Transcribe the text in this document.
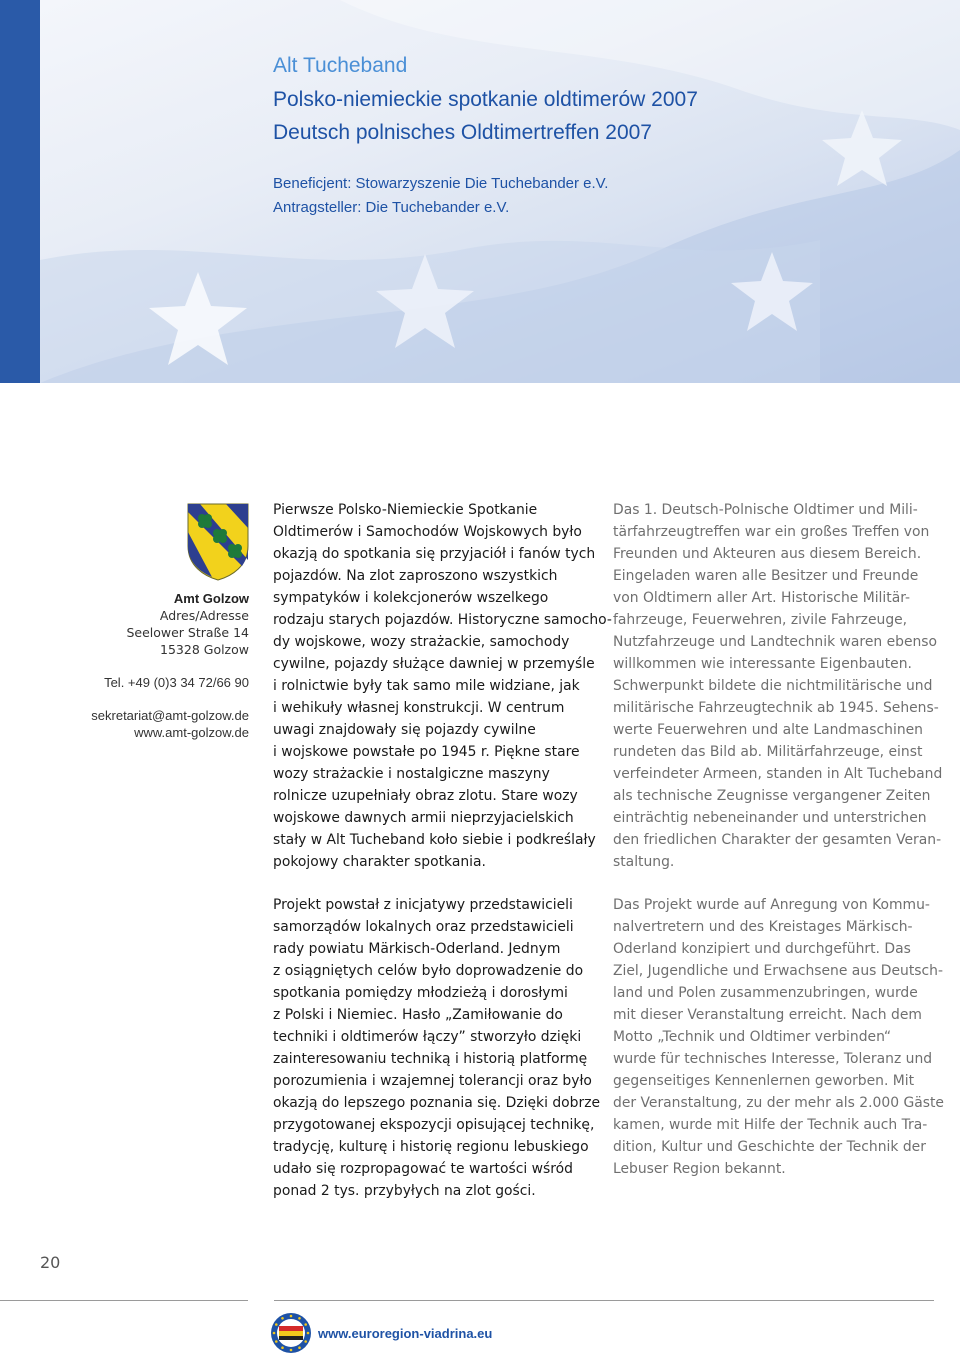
Alt Tucheband
Polsko-niemieckie spotkanie oldtimerów 2007
Deutsch polnisches Oldtimertreffen 2007
Beneficjent: Stowarzyszenie Die Tuchebander e.V.
Antragsteller: Die Tuchebander e.V.
Amt Golzow
Adres/Adresse
Seelower Straße 14
15328 Golzow
Tel. +49 (0)3 34 72/66 90
sekretariat@amt-golzow.de
www.amt-golzow.de
Pierwsze Polsko-Niemieckie Spotkanie
Oldtimerów i Samochodów Wojskowych było
okazją do spotkania się przyjaciół i fanów tych
pojazdów. Na zlot zaproszono wszystkich
sympatyków i kolekcjonerów wszelkego
rodzaju starych pojazdów. Historyczne samocho-
dy wojskowe, wozy strażackie, samochody
cywilne, pojazdy służące dawniej w przemyśle
i rolnictwie były tak samo mile widziane, jak
i wehikuły własnej konstrukcji. W centrum
uwagi znajdowały się pojazdy cywilne
i wojskowe powstałe po 1945 r. Piękne stare
wozy strażackie i nostalgiczne maszyny
rolnicze uzupełniały obraz zlotu. Stare wozy
wojskowe dawnych armii nieprzyjacielskich
stały w Alt Tucheband koło siebie i podkreślały
pokojowy charakter spotkania.
Projekt powstał z inicjatywy przedstawicieli
samorządów lokalnych oraz przedstawicieli
rady powiatu Märkisch-Oderland. Jednym
z osiągniętych celów było doprowadzenie do
spotkania pomiędzy młodzieżą i dorosłymi
z Polski i Niemiec. Hasło „Zamiłowanie do
techniki i oldtimerów łączy” stworzyło dzięki
zainteresowaniu techniką i historią platformę
porozumienia i wzajemnej tolerancji oraz było
okazją do lepszego poznania się. Dzięki dobrze
przygotowanej ekspozycji opisującej technikę,
tradycję, kulturę i historię regionu lebuskiego
udało się rozpropagować te wartości wśród
ponad 2 tys. przybyłych na zlot gości.
Das 1. Deutsch-Polnische Oldtimer und Mili-
tärfahrzeugtreffen war ein großes Treffen von
Freunden und Akteuren aus diesem Bereich.
Eingeladen waren alle Besitzer und Freunde
von Oldtimern aller Art. Historische Militär-
fahrzeuge, Feuerwehren, zivile Fahrzeuge,
Nutzfahrzeuge und Landtechnik waren ebenso
willkommen wie interessante Eigenbauten.
Schwerpunkt bildete die nichtmilitärische und
militärische Fahrzeugtechnik ab 1945. Sehens-
werte Feuerwehren und alte Landmaschinen
rundeten das Bild ab. Militärfahrzeuge, einst
verfeindeter Armeen, standen in Alt Tucheband
als technische Zeugnisse vergangener Zeiten
einträchtig nebeneinander und unterstrichen
den friedlichen Charakter der gesamten Veran-
staltung.
Das Projekt wurde auf Anregung von Kommu-
nalvertretern und des Kreistages Märkisch-
Oderland konzipiert und durchgeführt. Das
Ziel, Jugendliche und Erwachsene aus Deutsch-
land und Polen zusammenzubringen, wurde
mit dieser Veranstaltung erreicht. Nach dem
Motto „Technik und Oldtimer verbinden“
wurde für technisches Interesse, Toleranz und
gegenseitiges Kennenlernen geworben. Mit
der Veranstaltung, zu der mehr als 2.000 Gäste
kamen, wurde mit Hilfe der Technik auch Tra-
dition, Kultur und Geschichte der Technik der
Lebuser Region bekannt.
20
www.euroregion-viadrina.eu
